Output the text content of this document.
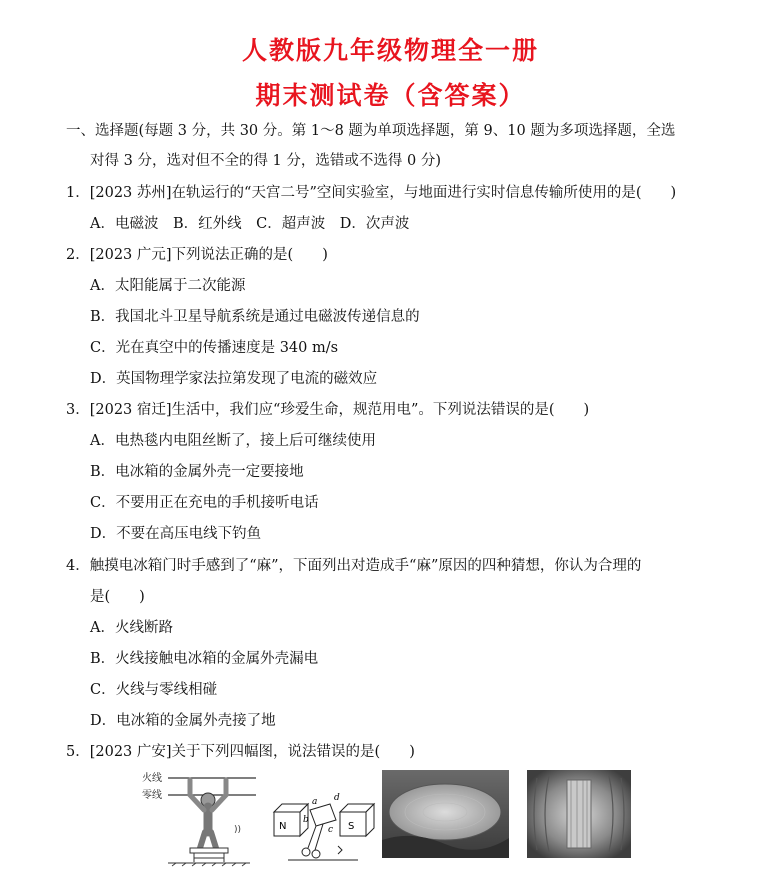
人教版九年级物理全一册
期末测试卷（含答案）
一、选择题(每题 3 分，共 30 分。第 1～8 题为单项选择题，第 9、10 题为多项选择题，全选
对得 3 分，选对但不全的得 1 分，选错或不选得 0 分)
1．[2023 苏州]在轨运行的“天宫二号”空间实验室，与地面进行实时信息传输所使用的是(　　)
A．电磁波　B．红外线　C．超声波　D．次声波
2．[2023 广元]下列说法正确的是(　　)
A．太阳能属于二次能源
B．我国北斗卫星导航系统是通过电磁波传递信息的
C．光在真空中的传播速度是 340 m/s
D．英国物理学家法拉第发现了电流的磁效应
3．[2023 宿迁]生活中，我们应“珍爱生命，规范用电”。下列说法错误的是(　　)
A．电热毯内电阻丝断了，接上后可继续使用
B．电冰箱的金属外壳一定要接地
C．不要用正在充电的手机接听电话
D．不要在高压电线下钓鱼
4．触摸电冰箱门时手感到了“麻”，下面列出对造成手“麻”原因的四种猜想，你认为合理的
是(　　)
A．火线断路
B．火线接触电冰箱的金属外壳漏电
C．火线与零线相碰
D．电冰箱的金属外壳接了地
5．[2023 广安]关于下列四幅图，说法错误的是(　　)
火线
零线
))	N	S
a
b
c
d
